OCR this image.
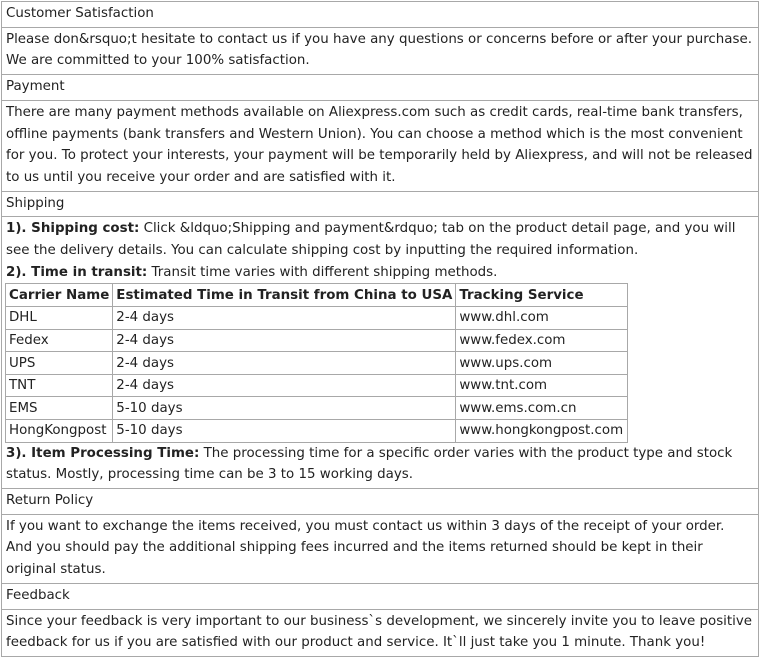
Customer Satisfaction
Please don&rsquo;t hesitate to contact us if you have any questions or concerns before or after your purchase. We are committed to your 100% satisfaction.
Payment
There are many payment methods available on Aliexpress.com such as credit cards, real-time bank transfers, offline payments (bank transfers and Western Union). You can choose a method which is the most convenient for you. To protect your interests, your payment will be temporarily held by Aliexpress, and will not be released to us until you receive your order and are satisfied with it.
Shipping

1). Shipping cost: Click &ldquo;Shipping and payment&rdquo; tab on the product detail page, and you will see the delivery details. You can calculate shipping cost by inputting the required information.

2). Time in transit: Transit time varies with different shipping methods.

Carrier Name	Estimated Time in Transit from China to USA	Tracking Service
DHL	2-4 days	www.dhl.com
Fedex	2-4 days	www.fedex.com
UPS	2-4 days	www.ups.com
TNT	2-4 days	www.tnt.com
EMS	5-10 days	www.ems.com.cn
HongKongpost	5-10 days	www.hongkongpost.com

3). Item Processing Time: The processing time for a specific order varies with the product type and stock status. Mostly, processing time can be 3 to 15 working days.

Return Policy
If you want to exchange the items received, you must contact us within 3 days of the receipt of your order. And you should pay the additional shipping fees incurred and the items returned should be kept in their original status.
Feedback
Since your feedback is very important to our business`s development, we sincerely invite you to leave positive feedback for us if you are satisfied with our product and service. It`ll just take you 1 minute. Thank you!
